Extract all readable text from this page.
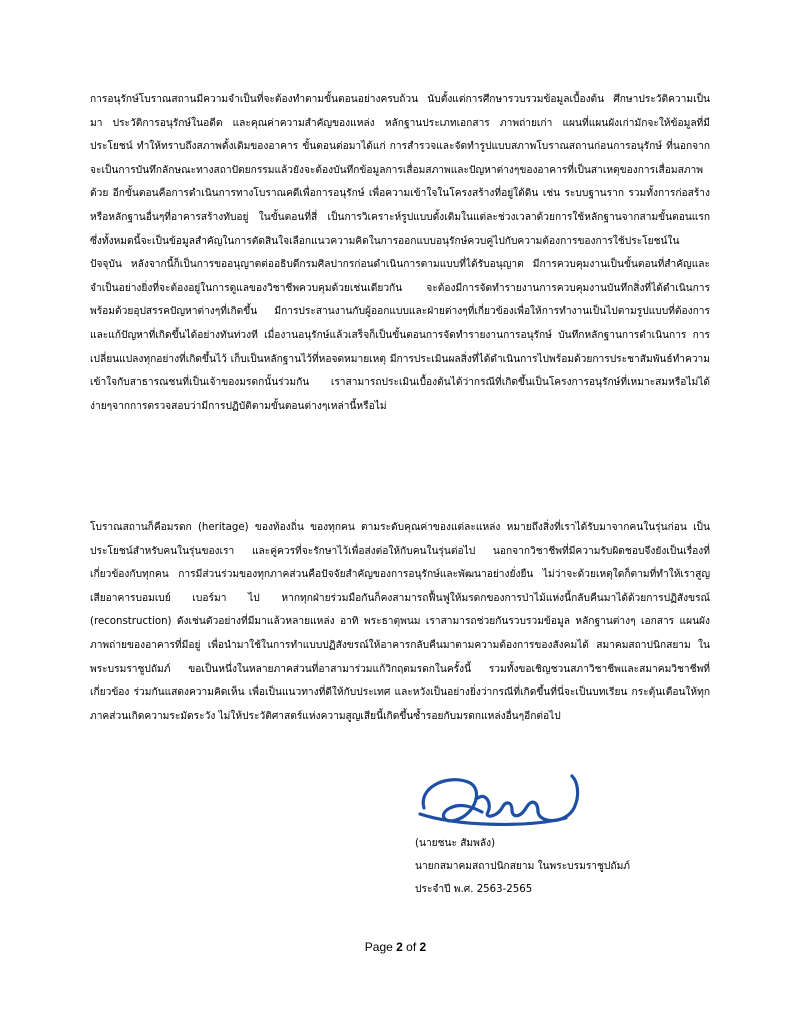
การอนุรักษ์โบราณสถานมีความจำเป็นที่จะต้องทำตามขั้นตอนอย่างครบถ้วน นับตั้งแต่การศึกษารวบรวมข้อมูลเบื้องต้น ศึกษาประวัติความเป็นมา ประวัติการอนุรักษ์ในอดีต และคุณค่าความสำคัญของแหล่ง หลักฐานประเภทเอกสาร ภาพถ่ายเก่า แผนที่แผนผังเก่ามักจะให้ข้อมูลที่มีประโยชน์ ทำให้ทราบถึงสภาพดั้งเดิมของอาคาร ขั้นตอนต่อมาได้แก่ การสำรวจและจัดทำรูปแบบสภาพโบราณสถานก่อนการอนุรักษ์ ที่นอกจากจะเป็นการบันทึกลักษณะทางสถาปัตยกรรมแล้วยังจะต้องบันทึกข้อมูลการเสื่อมสภาพและปัญหาต่างๆของอาคารที่เป็นสาเหตุของการเสื่อมสภาพด้วย อีกขั้นตอนคือการดำเนินการทางโบราณคดีเพื่อการอนุรักษ์ เพื่อความเข้าใจในโครงสร้างที่อยู่ใต้ดิน เช่น ระบบฐานราก รวมทั้งการก่อสร้างหรือหลักฐานอื่นๆที่อาคารสร้างทับอยู่ ในขั้นตอนที่สี่ เป็นการวิเคราะห์รูปแบบดั้งเดิมในแต่ละช่วงเวลาด้วยการใช้หลักฐานจากสามขั้นตอนแรก ซึ่งทั้งหมดนี้จะเป็นข้อมูลสำคัญในการตัดสินใจเลือกแนวความคิดในการออกแบบอนุรักษ์ควบคู่ไปกับความต้องการของการใช้ประโยชน์ในปัจจุบัน หลังจากนี้ก็เป็นการขออนุญาตต่ออธิบดีกรมศิลปากรก่อนดำเนินการตามแบบที่ได้รับอนุญาต มีการควบคุมงานเป็นขั้นตอนที่สำคัญและจำเป็นอย่างยิ่งที่จะต้องอยู่ในการดูแลของวิชาชีพควบคุมด้วยเช่นเดียวกัน จะต้องมีการจัดทำรายงานการควบคุมงานบันทึกสิ่งที่ได้ดำเนินการพร้อมด้วยอุปสรรคปัญหาต่างๆที่เกิดขึ้น มีการประสานงานกับผู้ออกแบบและฝ่ายต่างๆที่เกี่ยวข้องเพื่อให้การทำงานเป็นไปตามรูปแบบที่ต้องการ และแก้ปัญหาที่เกิดขึ้นได้อย่างทันท่วงที เมื่องานอนุรักษ์แล้วเสร็จก็เป็นขั้นตอนการจัดทำรายงานการอนุรักษ์ บันทึกหลักฐานการดำเนินการ การเปลี่ยนแปลงทุกอย่างที่เกิดขึ้นไว้ เก็บเป็นหลักฐานไว้ที่หอจดหมายเหตุ มีการประเมินผลสิ่งที่ได้ดำเนินการไปพร้อมด้วยการประชาสัมพันธ์ทำความเข้าใจกับสาธารณชนที่เป็นเจ้าของมรดกนั้นร่วมกัน เราสามารถประเมินเบื้องต้นได้ว่ากรณีที่เกิดขึ้นเป็นโครงการอนุรักษ์ที่เหมาะสมหรือไม่ได้ง่ายๆจากการตรวจสอบว่ามีการปฏิบัติตามขั้นตอนต่างๆเหล่านี้หรือไม่

โบราณสถานก็คือมรดก (heritage) ของท้องถิ่น ของทุกคน ตามระดับคุณค่าของแต่ละแหล่ง หมายถึงสิ่งที่เราได้รับมาจากคนในรุ่นก่อน เป็นประโยชน์สำหรับคนในรุ่นของเรา และคู่ควรที่จะรักษาไว้เพื่อส่งต่อให้กับคนในรุ่นต่อไป นอกจากวิชาชีพที่มีความรับผิดชอบจึงยังเป็นเรื่องที่เกี่ยวข้องกับทุกคน การมีส่วนร่วมของทุกภาคส่วนคือปัจจัยสำคัญของการอนุรักษ์และพัฒนาอย่างยั่งยืน ไม่ว่าจะด้วยเหตุใดก็ตามที่ทำให้เราสูญเสียอาคารบอมเบย์ เบอร์มา ไป หากทุกฝ่ายร่วมมือกันก็คงสามารถฟื้นฟูให้มรดกของการป่าไม้แห่งนี้กลับคืนมาได้ด้วยการปฏิสังขรณ์ (reconstruction) ดังเช่นตัวอย่างที่มีมาแล้วหลายแหล่ง อาทิ พระธาตุพนม เราสามารถช่วยกันรวบรวมข้อมูล หลักฐานต่างๆ เอกสาร แผนผัง ภาพถ่ายของอาคารที่มีอยู่ เพื่อนำมาใช้ในการทำแบบปฏิสังขรณ์ให้อาคารกลับคืนมาตามความต้องการของสังคมได้ สมาคมสถาปนิกสยาม ในพระบรมราชูปถัมภ์ ขอเป็นหนึ่งในหลายภาคส่วนที่อาสามาร่วมแก้วิกฤตมรดกในครั้งนี้ รวมทั้งขอเชิญชวนสภาวิชาชีพและสมาคมวิชาชีพที่เกี่ยวข้อง ร่วมกันแสดงความคิดเห็น เพื่อเป็นแนวทางที่ดีให้กับประเทศ และหวังเป็นอย่างยิ่งว่ากรณีที่เกิดขึ้นที่นี่จะเป็นบทเรียน กระตุ้นเตือนให้ทุกภาคส่วนเกิดความระมัดระวัง ไม่ให้ประวัติศาสตร์แห่งความสูญเสียนี้เกิดขึ้นซ้ำรอยกับมรดกแหล่งอื่นๆอีกต่อไป

(นายชนะ สัมพลัง)
นายกสมาคมสถาปนิกสยาม ในพระบรมราชูปถัมภ์
ประจำปี พ.ศ. 2563-2565
Page 2 of 2
